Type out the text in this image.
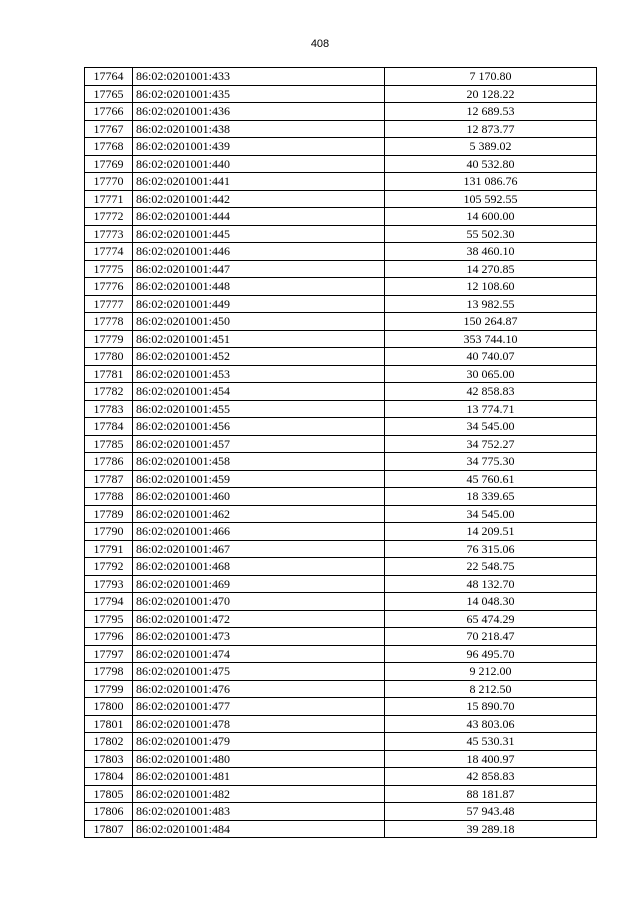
408
17764	86:02:0201001:433	7 170.80
17765	86:02:0201001:435	20 128.22
17766	86:02:0201001:436	12 689.53
17767	86:02:0201001:438	12 873.77
17768	86:02:0201001:439	5 389.02
17769	86:02:0201001:440	40 532.80
17770	86:02:0201001:441	131 086.76
17771	86:02:0201001:442	105 592.55
17772	86:02:0201001:444	14 600.00
17773	86:02:0201001:445	55 502.30
17774	86:02:0201001:446	38 460.10
17775	86:02:0201001:447	14 270.85
17776	86:02:0201001:448	12 108.60
17777	86:02:0201001:449	13 982.55
17778	86:02:0201001:450	150 264.87
17779	86:02:0201001:451	353 744.10
17780	86:02:0201001:452	40 740.07
17781	86:02:0201001:453	30 065.00
17782	86:02:0201001:454	42 858.83
17783	86:02:0201001:455	13 774.71
17784	86:02:0201001:456	34 545.00
17785	86:02:0201001:457	34 752.27
17786	86:02:0201001:458	34 775.30
17787	86:02:0201001:459	45 760.61
17788	86:02:0201001:460	18 339.65
17789	86:02:0201001:462	34 545.00
17790	86:02:0201001:466	14 209.51
17791	86:02:0201001:467	76 315.06
17792	86:02:0201001:468	22 548.75
17793	86:02:0201001:469	48 132.70
17794	86:02:0201001:470	14 048.30
17795	86:02:0201001:472	65 474.29
17796	86:02:0201001:473	70 218.47
17797	86:02:0201001:474	96 495.70
17798	86:02:0201001:475	9 212.00
17799	86:02:0201001:476	8 212.50
17800	86:02:0201001:477	15 890.70
17801	86:02:0201001:478	43 803.06
17802	86:02:0201001:479	45 530.31
17803	86:02:0201001:480	18 400.97
17804	86:02:0201001:481	42 858.83
17805	86:02:0201001:482	88 181.87
17806	86:02:0201001:483	57 943.48
17807	86:02:0201001:484	39 289.18
